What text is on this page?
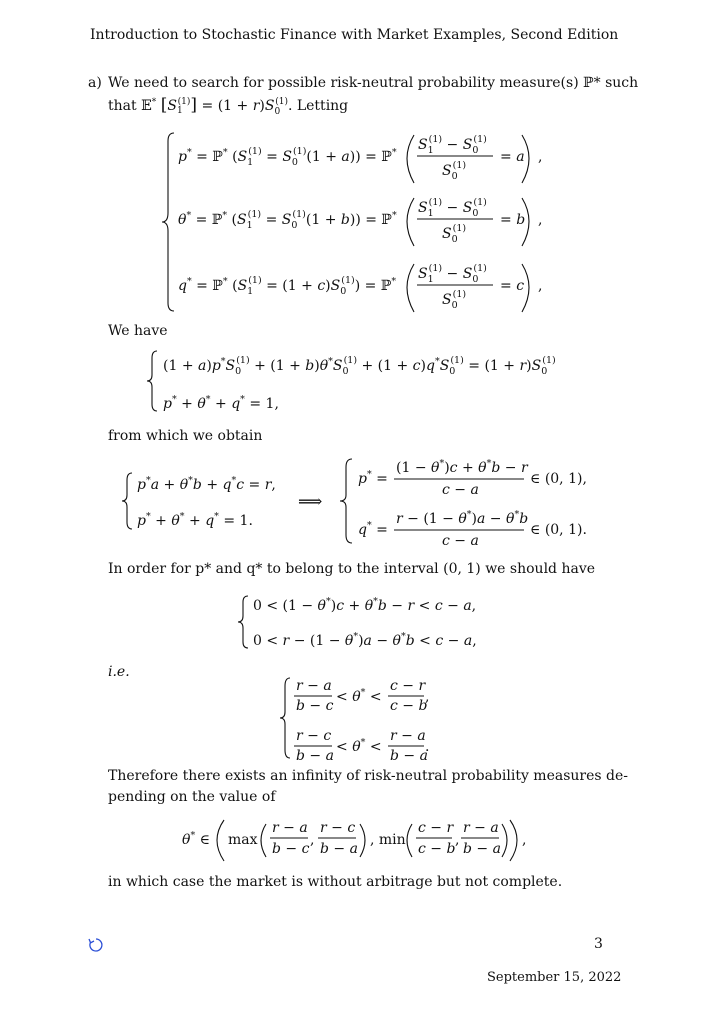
Introduction to Stochastic Finance with Market Examples, Second Edition
a) We need to search for possible risk-neutral probability measure(s) ℙ* such
that 𝔼* $[S_1^{(1)}] = (1 + r)S_0^{(1)}$. Letting
p* = ℙ* $(S_1(1) = S_0(1)(1 + a))$ = ℙ* $S_1(1) - S_0(1)$
$S_0(1)$
= a ,
θ* = ℙ* $(S_1(1) = S_0(1)(1 + b))$ = ℙ* $S_1(1) - S_0(1)$
$S_0(1)$
= b ,
q* = ℙ* $(S_1(1) = (1 + c)S_0(1))$ = ℙ* $S_1(1) - S_0(1)$
$S_0(1)$
= c ,
We have
$(1 + a)p^*S_0(1) + (1 + b)\theta^*S_0(1) + (1 + c)q^*S_0(1) = (1 + r)S_0(1)$
p* + θ* + q* = 1,
from which we obtain
p*a + θ*b + q*c = r,
p* + θ* + q* = 1.
⟹
p* =
(1 − θ*)c + θ*b − r
c − a
∈ (0, 1),
q* =
r − (1 − θ*)a − θ*b
c − a
∈ (0, 1).
In order for p* and q* to belong to the interval (0, 1) we should have
0 < (1 − θ*)c + θ*b − r < c − a,
0 < r − (1 − θ*)a − θ*b < c − a,
i.e.
r − a
b − c
< θ* <
c − r
c − b
,
r − c
b − a
< θ* <
r − a
b − a
.
Therefore there exists an infinity of risk-neutral probability measures de-
pending on the value of
θ* ∈ max
r − a
b − c
,
r − c
b − a
, min
c − r
c − b
,
r − a
b − a
,
in which case the market is without arbitrage but not complete.
3
September 15, 2022
